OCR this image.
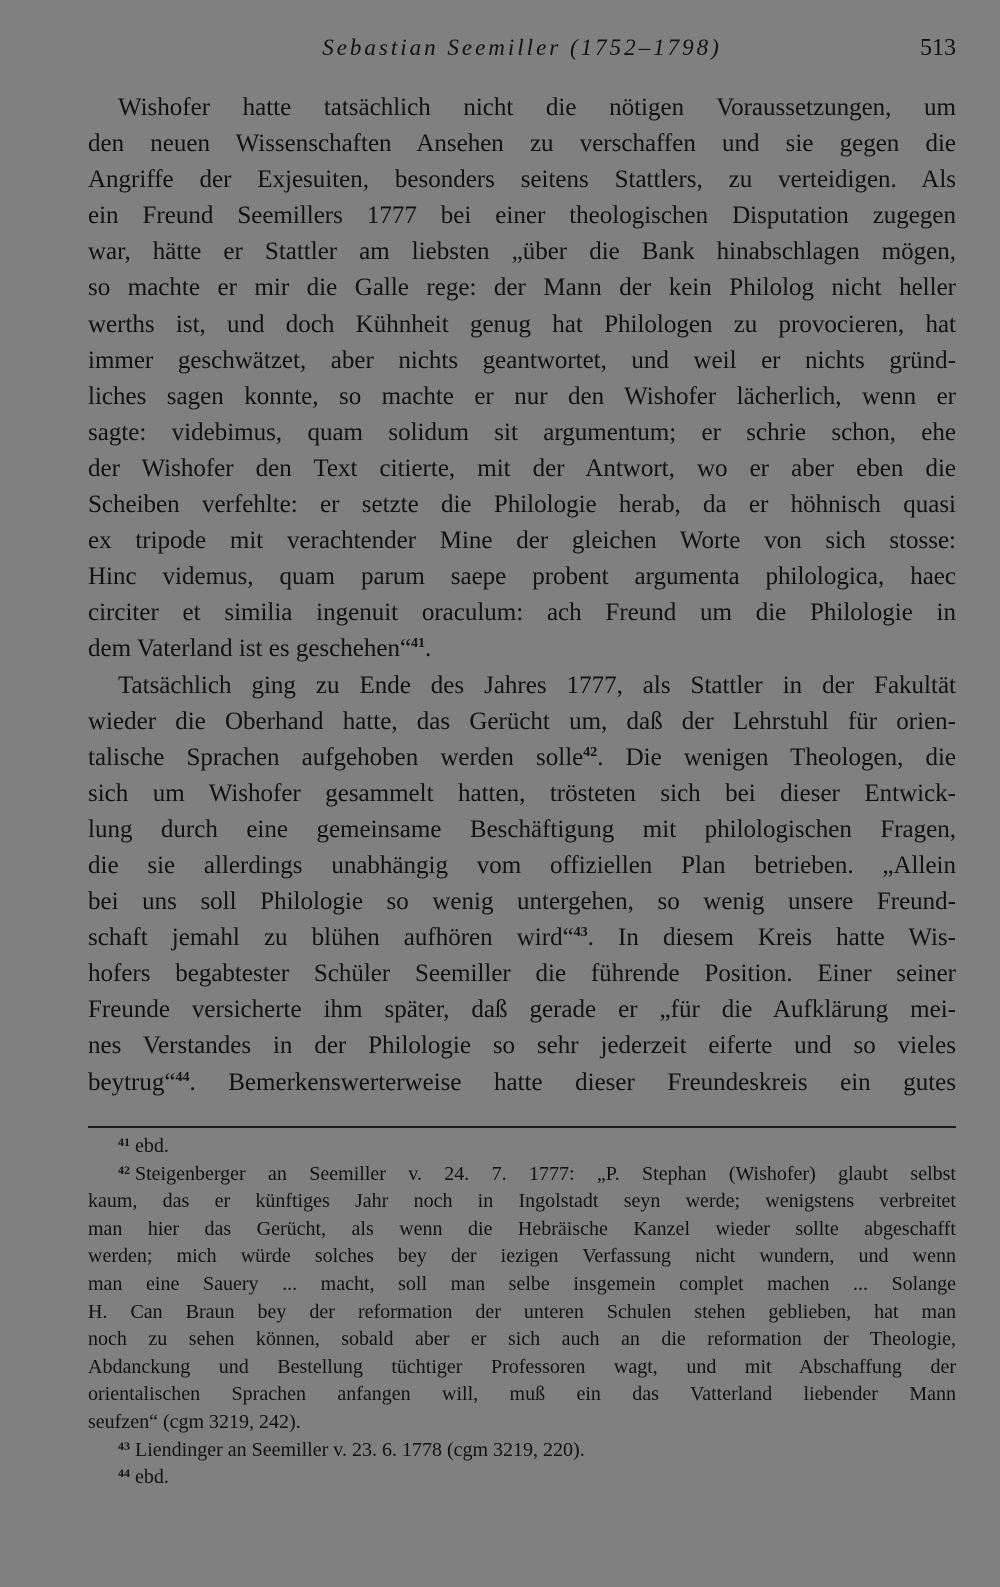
Sebastian Seemiller (1752–1798)	513
Wishofer hatte tatsächlich nicht die nötigen Voraussetzungen, um
den neuen Wissenschaften Ansehen zu verschaffen und sie gegen die
Angriffe der Exjesuiten, besonders seitens Stattlers, zu verteidigen. Als
ein Freund Seemillers 1777 bei einer theologischen Disputation zugegen
war, hätte er Stattler am liebsten „über die Bank hinabschlagen mögen,
so machte er mir die Galle rege: der Mann der kein Philolog nicht heller
werths ist, und doch Kühnheit genug hat Philologen zu provocieren, hat
immer geschwätzet, aber nichts geantwortet, und weil er nichts gründ-
liches sagen konnte, so machte er nur den Wishofer lächerlich, wenn er
sagte: videbimus, quam solidum sit argumentum; er schrie schon, ehe
der Wishofer den Text citierte, mit der Antwort, wo er aber eben die
Scheiben verfehlte: er setzte die Philologie herab, da er höhnisch quasi
ex tripode mit verachtender Mine der gleichen Worte von sich stosse:
Hinc videmus, quam parum saepe probent argumenta philologica, haec
circiter et similia ingenuit oraculum: ach Freund um die Philologie in
dem Vaterland ist es geschehen“$^{41}$.
Tatsächlich ging zu Ende des Jahres 1777, als Stattler in der Fakultät
wieder die Oberhand hatte, das Gerücht um, daß der Lehrstuhl für orien-
talische Sprachen aufgehoben werden solle$^{42}$. Die wenigen Theologen, die
sich um Wishofer gesammelt hatten, trösteten sich bei dieser Entwick-
lung durch eine gemeinsame Beschäftigung mit philologischen Fragen,
die sie allerdings unabhängig vom offiziellen Plan betrieben. „Allein
bei uns soll Philologie so wenig untergehen, so wenig unsere Freund-
schaft jemahl zu blühen aufhören wird“$^{43}$. In diesem Kreis hatte Wis-
hofers begabtester Schüler Seemiller die führende Position. Einer seiner
Freunde versicherte ihm später, daß gerade er „für die Aufklärung mei-
nes Verstandes in der Philologie so sehr jederzeit eiferte und so vieles
beytrug“$^{44}$. Bemerkenswerterweise hatte dieser Freundeskreis ein gutes
$^{41}$ ebd.
$^{42}$ Steigenberger an Seemiller v. 24. 7. 1777: „P. Stephan (Wishofer) glaubt selbst
kaum, das er künftiges Jahr noch in Ingolstadt seyn werde; wenigstens verbreitet
man hier das Gerücht, als wenn die Hebräische Kanzel wieder sollte abgeschafft
werden; mich würde solches bey der iezigen Verfassung nicht wundern, und wenn
man eine Sauery ... macht, soll man selbe insgemein complet machen ... Solange
H. Can Braun bey der reformation der unteren Schulen stehen geblieben, hat man
noch zu sehen können, sobald aber er sich auch an die reformation der Theologie,
Abdanckung und Bestellung tüchtiger Professoren wagt, und mit Abschaffung der
orientalischen Sprachen anfangen will, muß ein das Vatterland liebender Mann
seufzen“ (cgm 3219, 242).
$^{43}$ Liendinger an Seemiller v. 23. 6. 1778 (cgm 3219, 220).
$^{44}$ ebd.
